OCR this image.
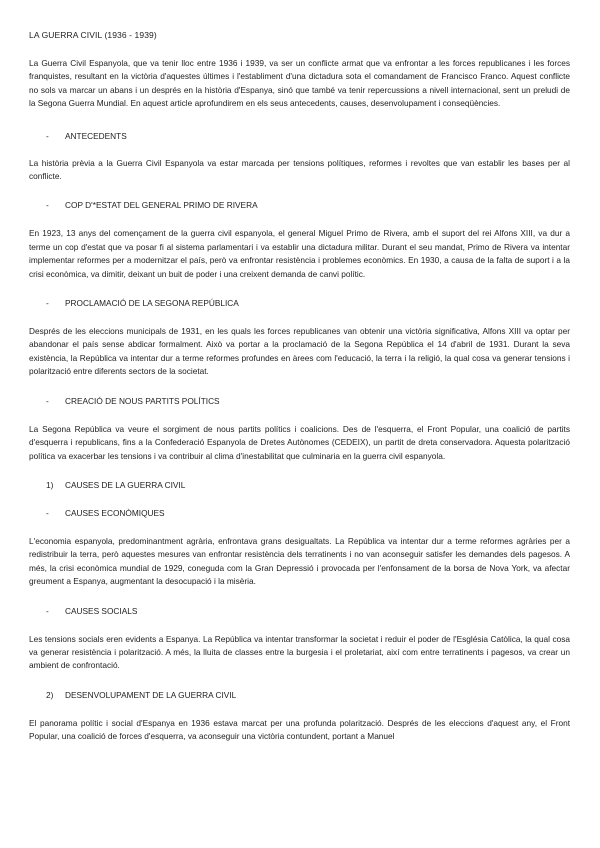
LA GUERRA CIVIL (1936 - 1939)

La Guerra Civil Espanyola, que va tenir lloc entre 1936 i 1939, va ser un conflicte armat que va enfrontar a les forces republicanes i les forces franquistes, resultant en la victòria d'aquestes últimes i l'establiment d'una dictadura sota el comandament de Francisco Franco. Aquest conflicte no sols va marcar un abans i un després en la història d'Espanya, sinó que també va tenir repercussions a nivell internacional, sent un preludi de la Segona Guerra Mundial. En aquest article aprofundirem en els seus antecedents, causes, desenvolupament i conseqüències.

- ANTECEDENTS

La història prèvia a la Guerra Civil Espanyola va estar marcada per tensions polítiques, reformes i revoltes que van establir les bases per al conflicte.

- COP D'*ESTAT DEL GENERAL PRIMO DE RIVERA

En 1923, 13 anys del començament de la guerra civil espanyola, el general Miguel Primo de Rivera, amb el suport del rei Alfons XIII, va dur a terme un cop d'estat que va posar fi al sistema parlamentari i va establir una dictadura militar. Durant el seu mandat, Primo de Rivera va intentar implementar reformes per a modernitzar el país, però va enfrontar resistència i problemes econòmics. En 1930, a causa de la falta de suport i a la crisi econòmica, va dimitir, deixant un buit de poder i una creixent demanda de canvi polític.

- PROCLAMACIÓ DE LA SEGONA REPÚBLICA

Després de les eleccions municipals de 1931, en les quals les forces republicanes van obtenir una victòria significativa, Alfons XIII va optar per abandonar el país sense abdicar formalment. Això va portar a la proclamació de la Segona República el 14 d'abril de 1931. Durant la seva existència, la República va intentar dur a terme reformes profundes en àrees com l'educació, la terra i la religió, la qual cosa va generar tensions i polarització entre diferents sectors de la societat.

- CREACIÓ DE NOUS PARTITS POLÍTICS

La Segona República va veure el sorgiment de nous partits polítics i coalicions. Des de l'esquerra, el Front Popular, una coalició de partits d'esquerra i republicans, fins a la Confederació Espanyola de Dretes Autònomes (CEDEIX), un partit de dreta conservadora. Aquesta polarització política va exacerbar les tensions i va contribuir al clima d'inestabilitat que culminaria en la guerra civil espanyola.

1) CAUSES DE LA GUERRA CIVIL
- CAUSES ECONÒMIQUES

L'economia espanyola, predominantment agrària, enfrontava grans desigualtats. La República va intentar dur a terme reformes agràries per a redistribuir la terra, però aquestes mesures van enfrontar resistència dels terratinents i no van aconseguir satisfer les demandes dels pagesos. A més, la crisi econòmica mundial de 1929, coneguda com la Gran Depressió i provocada per l'enfonsament de la borsa de Nova York, va afectar greument a Espanya, augmentant la desocupació i la misèria.

- CAUSES SOCIALS

Les tensions socials eren evidents a Espanya. La República va intentar transformar la societat i reduir el poder de l'Església Catòlica, la qual cosa va generar resistència i polarització. A més, la lluita de classes entre la burgesia i el proletariat, així com entre terratinents i pagesos, va crear un ambient de confrontació.

2) DESENVOLUPAMENT DE LA GUERRA CIVIL

El panorama polític i social d'Espanya en 1936 estava marcat per una profunda polarització. Després de les eleccions d'aquest any, el Front Popular, una coalició de forces d'esquerra, va aconseguir una victòria contundent, portant a Manuel
